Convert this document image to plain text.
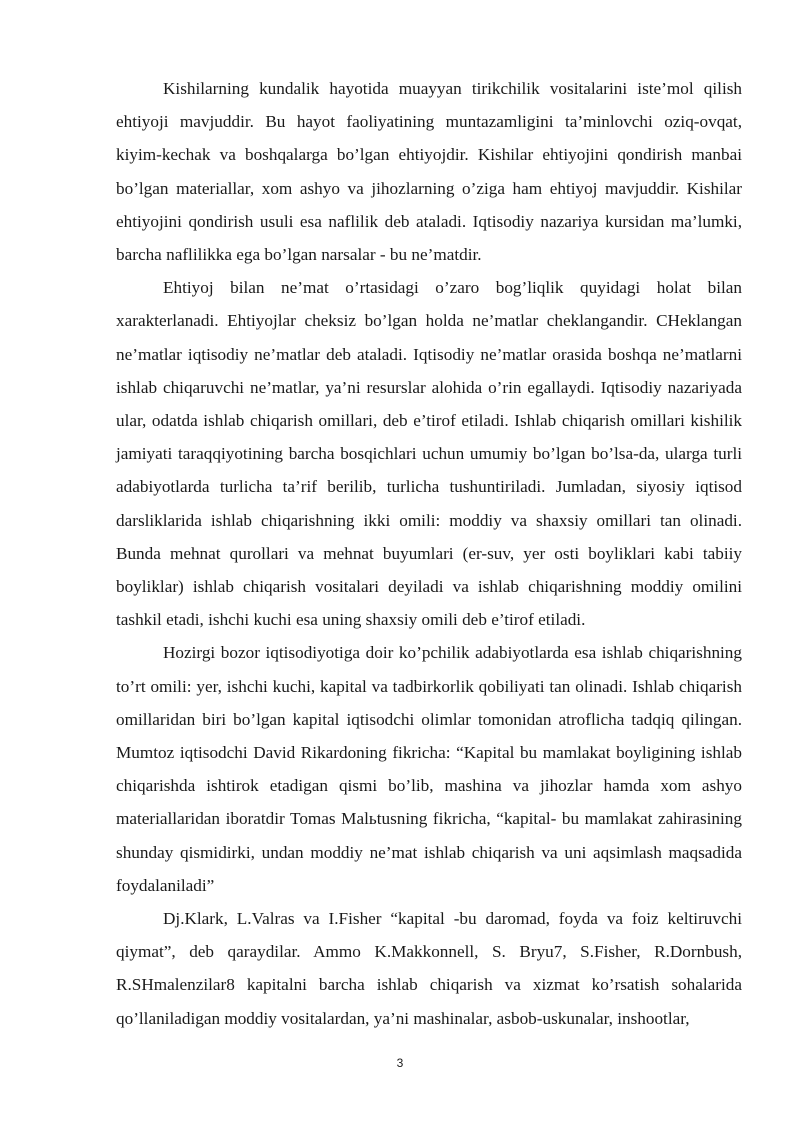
Kishilarning kundalik hayotida muayyan tirikchilik vositalarini iste’mol qilish ehtiyoji mavjuddir. Bu hayot faoliyatining muntazamligini ta’minlovchi oziq-ovqat, kiyim-kechak va boshqalarga bo’lgan ehtiyojdir. Kishilar ehtiyojini qondirish manbai bo’lgan materiallar, xom ashyo va jihozlarning o’ziga ham ehtiyoj mavjuddir. Kishilar ehtiyojini qondirish usuli esa naflilik deb ataladi. Iqtisodiy nazariya kursidan ma’lumki, barcha naflilikka ega bo’lgan narsalar - bu ne’matdir.

Ehtiyoj bilan ne’mat o’rtasidagi o’zaro bog’liqlik quyidagi holat bilan xarakterlanadi. Ehtiyojlar cheksiz bo’lgan holda ne’matlar cheklangandir. CHeklangan ne’matlar iqtisodiy ne’matlar deb ataladi. Iqtisodiy ne’matlar orasida boshqa ne’matlarni ishlab chiqaruvchi ne’matlar, ya’ni resurslar alohida o’rin egallaydi. Iqtisodiy nazariyada ular, odatda ishlab chiqarish omillari, deb e’tirof etiladi. Ishlab chiqarish omillari kishilik jamiyati taraqqiyotining barcha bosqichlari uchun umumiy bo’lgan bo’lsa-da, ularga turli adabiyotlarda turlicha ta’rif berilib, turlicha tushuntiriladi. Jumladan, siyosiy iqtisod darsliklarida ishlab chiqarishning ikki omili: moddiy va shaxsiy omillari tan olinadi. Bunda mehnat qurollari va mehnat buyumlari (er-suv, yer osti boyliklari kabi tabiiy boyliklar) ishlab chiqarish vositalari deyiladi va ishlab chiqarishning moddiy omilini tashkil etadi, ishchi kuchi esa uning shaxsiy omili deb e’tirof etiladi.

Hozirgi bozor iqtisodiyotiga doir ko’pchilik adabiyotlarda esa ishlab chiqarishning to’rt omili: yer, ishchi kuchi, kapital va tadbirkorlik qobiliyati tan olinadi. Ishlab chiqarish omillaridan biri bo’lgan kapital iqtisodchi olimlar tomonidan atroflicha tadqiq qilingan. Mumtoz iqtisodchi David Rikardoning fikricha: “Kapital bu mamlakat boyligining ishlab chiqarishda ishtirok etadigan qismi bo’lib, mashina va jihozlar hamda xom ashyo materiallaridan iboratdir Tomas Malьtusning fikricha, “kapital- bu mamlakat zahirasining shunday qismidirki, undan moddiy ne’mat ishlab chiqarish va uni aqsimlash maqsadida foydalaniladi”

Dj.Klark, L.Valras va I.Fisher “kapital -bu daromad, foyda va foiz keltiruvchi qiymat”, deb qaraydilar. Ammo K.Makkonnell, S. Bryu7, S.Fisher, R.Dornbush, R.SHmalenzilar8 kapitalni barcha ishlab chiqarish va xizmat ko’rsatish sohalarida qo’llaniladigan moddiy vositalardan, ya’ni mashinalar, asbob-uskunalar, inshootlar,

3
